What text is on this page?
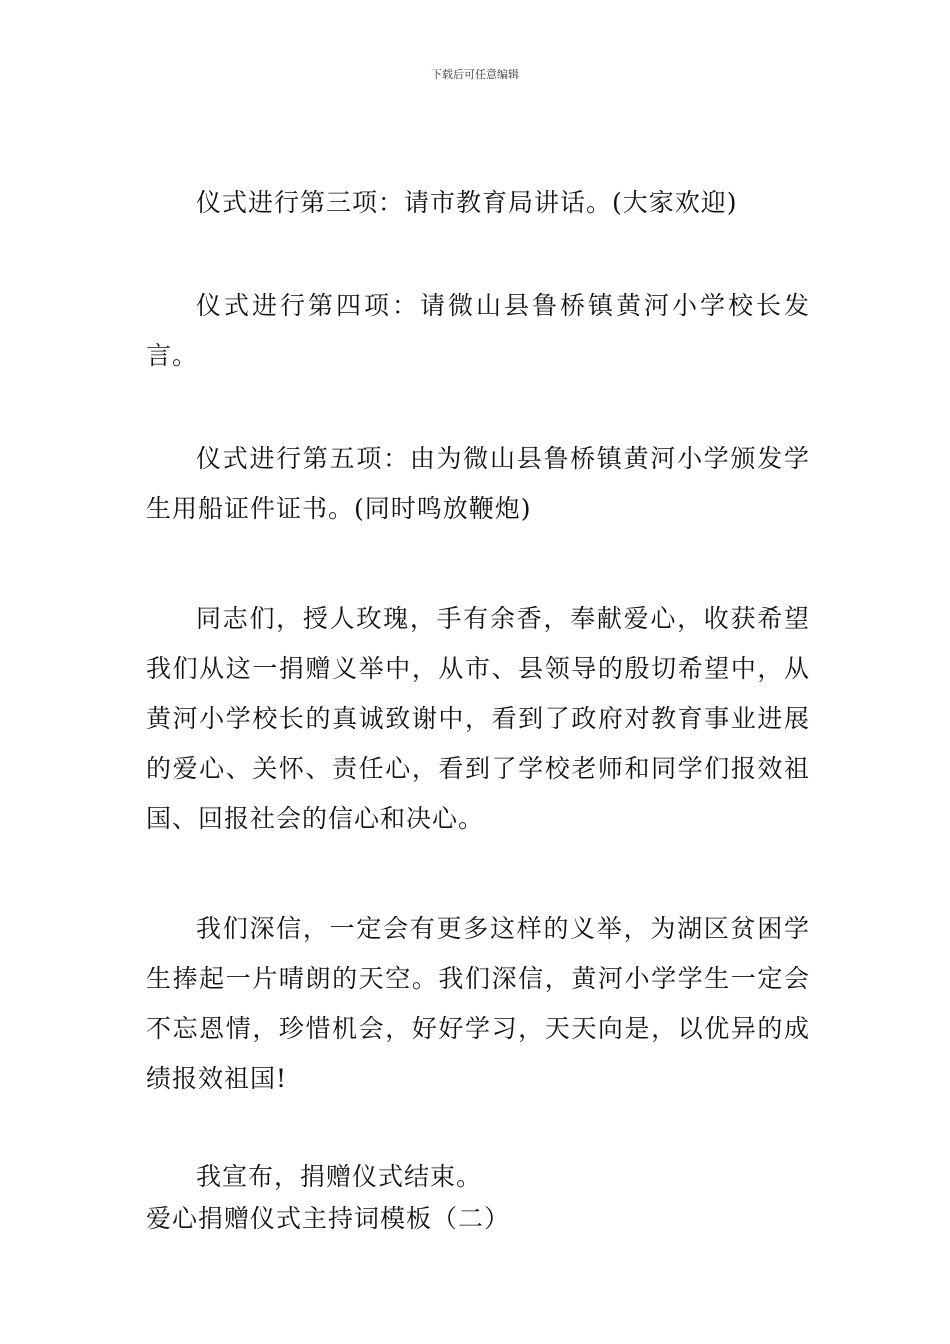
下载后可任意编辑

仪式进行第三项：请市教育局讲话。(大家欢迎)

仪式进行第四项：请微山县鲁桥镇黄河小学校长发言。

仪式进行第五项：由为微山县鲁桥镇黄河小学颁发学生用船证件证书。(同时鸣放鞭炮)

同志们，授人玫瑰，手有余香，奉献爱心，收获希望我们从这一捐赠义举中，从市、县领导的殷切希望中，从黄河小学校长的真诚致谢中，看到了政府对教育事业进展的爱心、关怀、责任心，看到了学校老师和同学们报效祖国、回报社会的信心和决心。

我们深信，一定会有更多这样的义举，为湖区贫困学生捧起一片晴朗的天空。我们深信，黄河小学学生一定会不忘恩情，珍惜机会，好好学习，天天向是，以优异的成绩报效祖国!

我宣布，捐赠仪式结束。

爱心捐赠仪式主持词模板（二）
